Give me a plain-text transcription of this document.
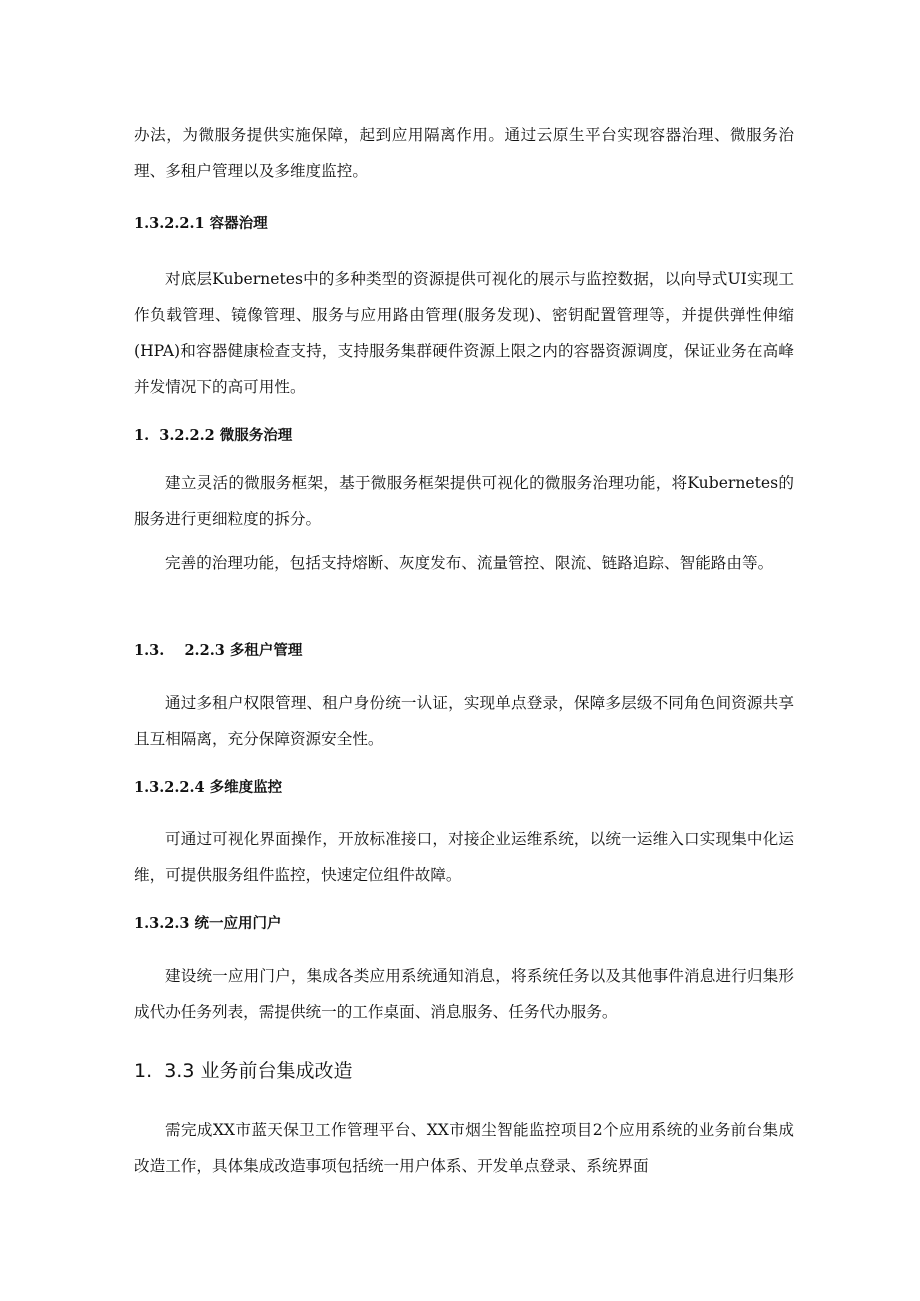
办法，为微服务提供实施保障，起到应用隔离作用。通过云原生平台实现容器治理、微服务治理、多租户管理以及多维度监控。

1.3.2.2.1 容器治理

对底层Kubernetes中的多种类型的资源提供可视化的展示与监控数据，以向导式UI实现工作负载管理、镜像管理、服务与应用路由管理(服务发现)、密钥配置管理等，并提供弹性伸缩(HPA)和容器健康检查支持，支持服务集群硬件资源上限之内的容器资源调度，保证业务在高峰并发情况下的高可用性。

1.  3.2.2.2 微服务治理

建立灵活的微服务框架，基于微服务框架提供可视化的微服务治理功能，将Kubernetes的服务进行更细粒度的拆分。

完善的治理功能，包括支持熔断、灰度发布、流量管控、限流、链路追踪、智能路由等。

1.3.    2.2.3 多租户管理

通过多租户权限管理、租户身份统一认证，实现单点登录，保障多层级不同角色间资源共享且互相隔离，充分保障资源安全性。

1.3.2.2.4 多维度监控

可通过可视化界面操作，开放标准接口，对接企业运维系统，以统一运维入口实现集中化运维，可提供服务组件监控，快速定位组件故障。

1.3.2.3 统一应用门户

建设统一应用门户，集成各类应用系统通知消息，将系统任务以及其他事件消息进行归集形成代办任务列表，需提供统一的工作桌面、消息服务、任务代办服务。

1.  3.3 业务前台集成改造

需完成XX市蓝天保卫工作管理平台、XX市烟尘智能监控项目2个应用系统的业务前台集成改造工作，具体集成改造事项包括统一用户体系、开发单点登录、系统界面
